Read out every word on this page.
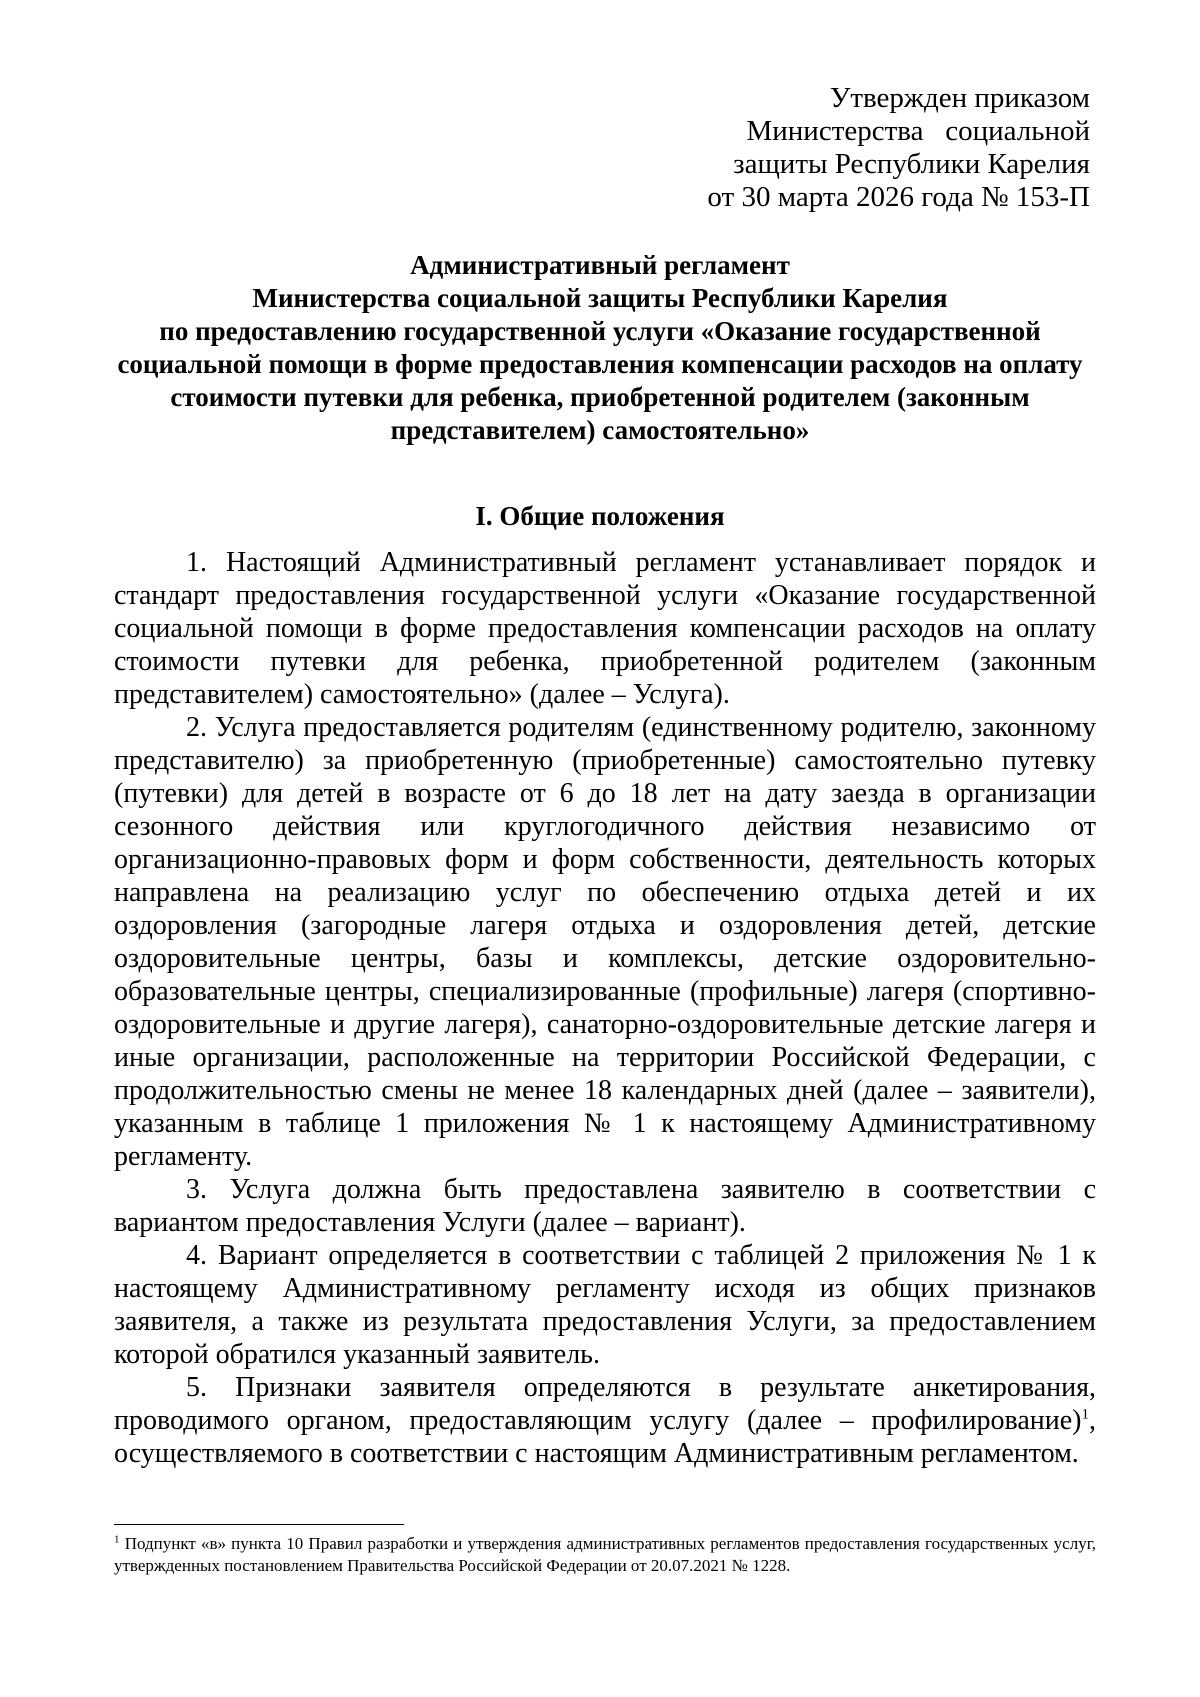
Утвержден приказом
Министерства   социальной
защиты Республики Карелия
от 30 марта 2026 года № 153-П
Административный регламент
Министерства социальной защиты Республики Карелия
по предоставлению государственной услуги «Оказание государственной
социальной помощи в форме предоставления компенсации расходов на оплату
стоимости путевки для ребенка, приобретенной родителем (законным
представителем) самостоятельно»
I. Общие положения

1. Настоящий Административный регламент устанавливает порядок и стандарт предоставления государственной услуги «Оказание государственной социальной помощи в форме предоставления компенсации расходов на оплату стоимости путевки для ребенка, приобретенной родителем (законным представителем) самостоятельно» (далее – Услуга).

2. Услуга предоставляется родителям (единственному родителю, законному представителю) за приобретенную (приобретенные) самостоятельно путевку (путевки) для детей в возрасте от 6 до 18 лет на дату заезда в организации сезонного действия или круглогодичного действия независимо от организационно-правовых форм и форм собственности, деятельность которых направлена на реализацию услуг по обеспечению отдыха детей и их оздоровления (загородные лагеря отдыха и оздоровления детей, детские оздоровительные центры, базы и комплексы, детские оздоровительно-образовательные центры, специализированные (профильные) лагеря (спортивно-оздоровительные и другие лагеря), санаторно-оздоровительные детские лагеря и иные организации, расположенные на территории Российской Федерации, с продолжительностью смены не менее 18 календарных дней (далее – заявители), указанным в таблице 1 приложения № 1 к настоящему Административному регламенту.

3. Услуга должна быть предоставлена заявителю в соответствии с вариантом предоставления Услуги (далее – вариант).

4. Вариант определяется в соответствии с таблицей 2 приложения № 1 к настоящему Административному регламенту исходя из общих признаков заявителя, а также из результата предоставления Услуги, за предоставлением которой обратился указанный заявитель.

5. Признаки заявителя определяются в результате анкетирования, проводимого органом, предоставляющим услугу (далее – профилирование)$^1$, осуществляемого в соответствии с настоящим Административным регламентом.

$^1$ Подпункт «в» пункта 10 Правил разработки и утверждения административных регламентов предоставления государственных услуг, утвержденных постановлением Правительства Российской Федерации от 20.07.2021 № 1228.
